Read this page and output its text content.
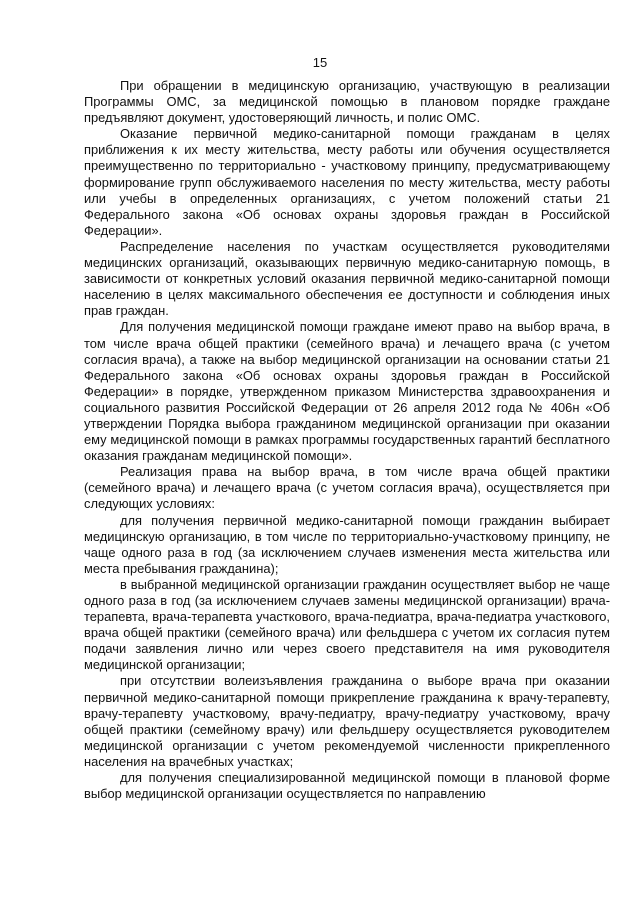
15

При обращении в медицинскую организацию, участвующую в реализации Программы ОМС, за медицинской помощью в плановом порядке граждане предъявляют документ, удостоверяющий личность, и полис ОМС.

Оказание первичной медико-санитарной помощи гражданам в целях приближения к их месту жительства, месту работы или обучения осуществляется преимущественно по территориально - участковому принципу, предусматривающему формирование групп обслуживаемого населения по месту жительства, месту работы или учебы в определенных организациях, с учетом положений статьи 21 Федерального закона «Об основах охраны здоровья граждан в Российской Федерации».

Распределение населения по участкам осуществляется руководителями медицинских организаций, оказывающих первичную медико-санитарную помощь, в зависимости от конкретных условий оказания первичной медико-санитарной помощи населению в целях максимального обеспечения ее доступности и соблюдения иных прав граждан.

Для получения медицинской помощи граждане имеют право на выбор врача, в том числе врача общей практики (семейного врача) и лечащего врача (с учетом согласия врача), а также на выбор медицинской организации на основании статьи 21 Федерального закона «Об основах охраны здоровья граждан в Российской Федерации» в порядке, утвержденном приказом Министерства здравоохранения и социального развития Российской Федерации от 26 апреля 2012 года № 406н «Об утверждении Порядка выбора гражданином медицинской организации при оказании ему медицинской помощи в рамках программы государственных гарантий бесплатного оказания гражданам медицинской помощи».

Реализация права на выбор врача, в том числе врача общей практики (семейного врача) и лечащего врача (с учетом согласия врача), осуществляется при следующих условиях:

для получения первичной медико-санитарной помощи гражданин выбирает медицинскую организацию, в том числе по территориально-участковому принципу, не чаще одного раза в год (за исключением случаев изменения места жительства или места пребывания гражданина);

в выбранной медицинской организации гражданин осуществляет выбор не чаще одного раза в год (за исключением случаев замены медицинской организации) врача-терапевта, врача-терапевта участкового, врача-педиатра, врача-педиатра участкового, врача общей практики (семейного врача) или фельдшера с учетом их согласия путем подачи заявления лично или через своего представителя на имя руководителя медицинской организации;

при отсутствии волеизъявления гражданина о выборе врача при оказании первичной медико-санитарной помощи прикрепление гражданина к врачу-терапевту, врачу-терапевту участковому, врачу-педиатру, врачу-педиатру участковому, врачу общей практики (семейному врачу) или фельдшеру осуществляется руководителем медицинской организации с учетом рекомендуемой численности прикрепленного населения на врачебных участках;

для получения специализированной медицинской помощи в плановой форме выбор медицинской организации осуществляется по направлению
